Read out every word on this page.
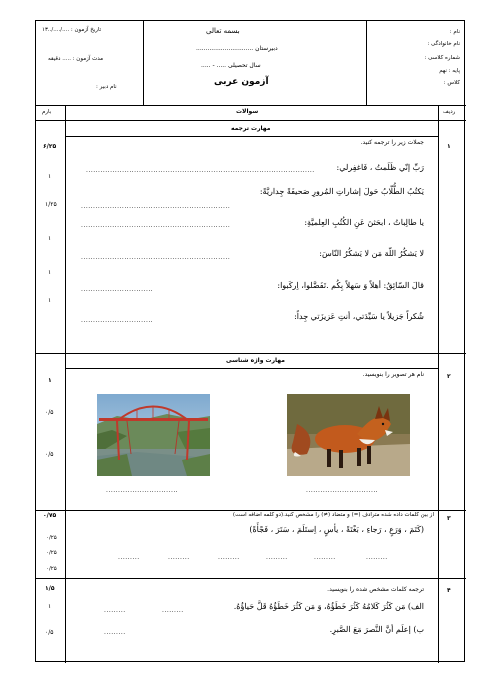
نام :
نام خانوادگی :
شماره کلاسی :
پایه : نهم
کلاس :
بسمه تعالی
دبیرستان ..............................
سال تحصیلی ..... - .....
آزمون عربی
تاریخ آزمون : ..../..../..۱۳
مدت آزمون : ..... دقیقه
نام دبیر :
ردیف
سوالات
بارم
مهارت ترجمه
۱
جملات زیر را ترجمه کنید.
۶/۲۵
۱
۱/۲۵
۱
۱
۱
رَبِّ إنّي ظَلَمتُ ، فَاغفِرلي:
...............................................................................................
یَکتُبُ الطُّلّابُ حَولَ إشاراتِ المُرورِ صَحيفَةً جِداريَّةً:
..............................................................
يا طالِباتُ ، ابحَثنَ عَنِ الكُتُبِ العِلميَّةِ:
..............................................................
لا يَشكُرُ اللّهَ مَن لا يَشكُرُ النّاسَ:
..............................................................
قالَ السّائِقُ: أهلاً وَ سَهلاً بِكُم .تَفَضَّلوا، اِركَبوا:
..............................
شُكراً جَزيلاً يا سَيِّدَتي، أنتِ عَزيزَتي جِداً:
..............................
مهارت واژه شناسی
۲
نام هر تصویر را بنویسید.
۱
۰/۵
۰/۵
..............................	..............................
۳
از بین کلمات داده شده مترادف (=) و متضاد (≠) را مشخص کنید.(دو کلمه اضافه است)
(كَتَمَ ، وَرَعٍ ، رَجاءِ ، بَغْتَةً ، يأسٍ ، اِستَلَمَ ، سَتَرَ ، فَجْأَةً)
۰/۷۵
۰/۲۵
۰/۲۵
۰/۲۵
.........
.........
.........
.........
.........
.........
۴
ترجمه کلمات مشخص شده را بنویسید.
الف) مَن كَثُرَ كَلامُهُ كَثُرَ خَطَؤُهُ، وَ مَن كَثُرَ خَطَؤُهُ قَلَّ حَياؤُهُ.
ب) إعلَم أنَّ النَّصرَ مَعَ الصَّبرِ.
.........	.........
.........
۱/۵
۱
۰/۵
